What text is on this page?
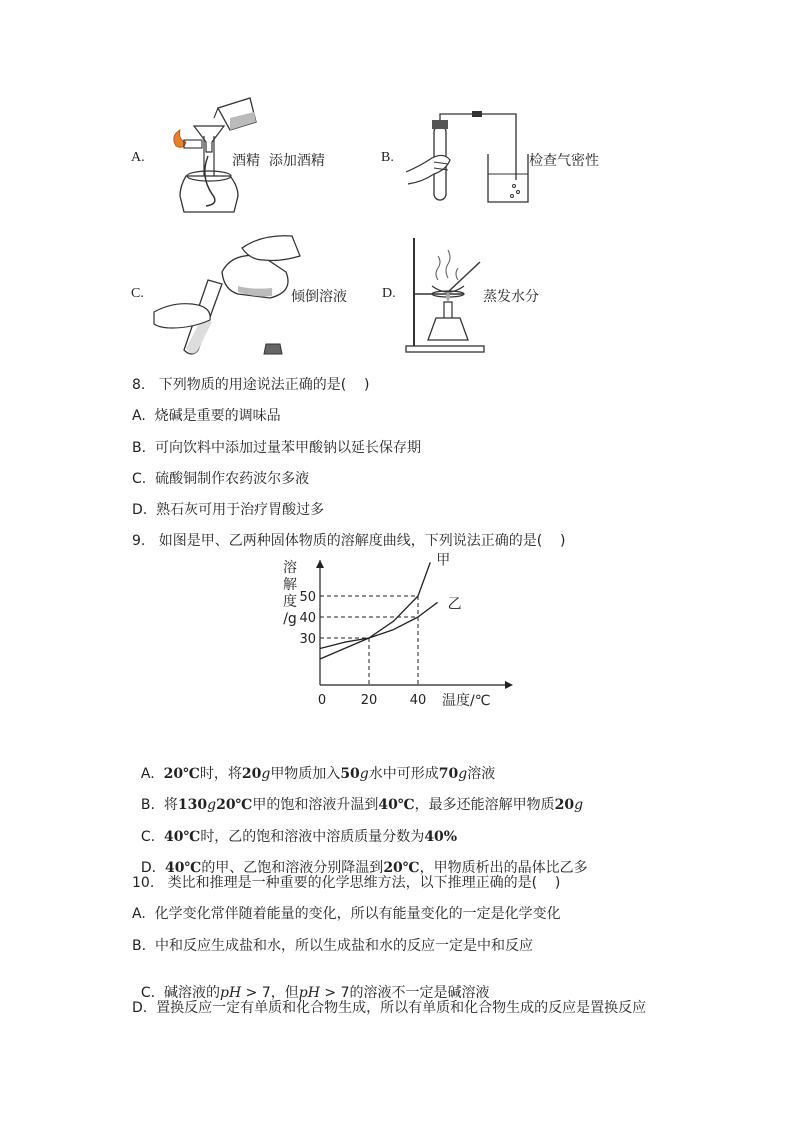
A.	酒精  添加酒精	B.	检查气密性
C.	倾倒溶液	D.	蒸发水分
8.   下列物质的用途说法正确的是(    )
A.  烧碱是重要的调味品
B.  可向饮料中添加过量苯甲酸钠以延长保存期
C.  硫酸铜制作农药波尔多液
D.  熟石灰可用于治疗胃酸过多
9.   如图是甲、乙两种固体物质的溶解度曲线，下列说法正确的是(    )
溶
解
度
/g
温度/℃
0	20 40
30
40
50
甲
乙

A.  20℃时，将20g甲物质加入50g水中可形成70g溶液

B.  将130g20℃甲的饱和溶液升温到40℃，最多还能溶解甲物质20g

C.  40℃时，乙的饱和溶液中溶质质量分数为40%

D.  40℃的甲、乙饱和溶液分别降温到20℃，甲物质析出的晶体比乙多

10.   类比和推理是一种重要的化学思维方法，以下推理正确的是(    )
A.  化学变化常伴随着能量的变化，所以有能量变化的一定是化学变化
B.  中和反应生成盐和水，所以生成盐和水的反应一定是中和反应

C.  碱溶液的pH > 7，但pH > 7的溶液不一定是碱溶液

D.  置换反应一定有单质和化合物生成，所以有单质和化合物生成的反应是置换反应
